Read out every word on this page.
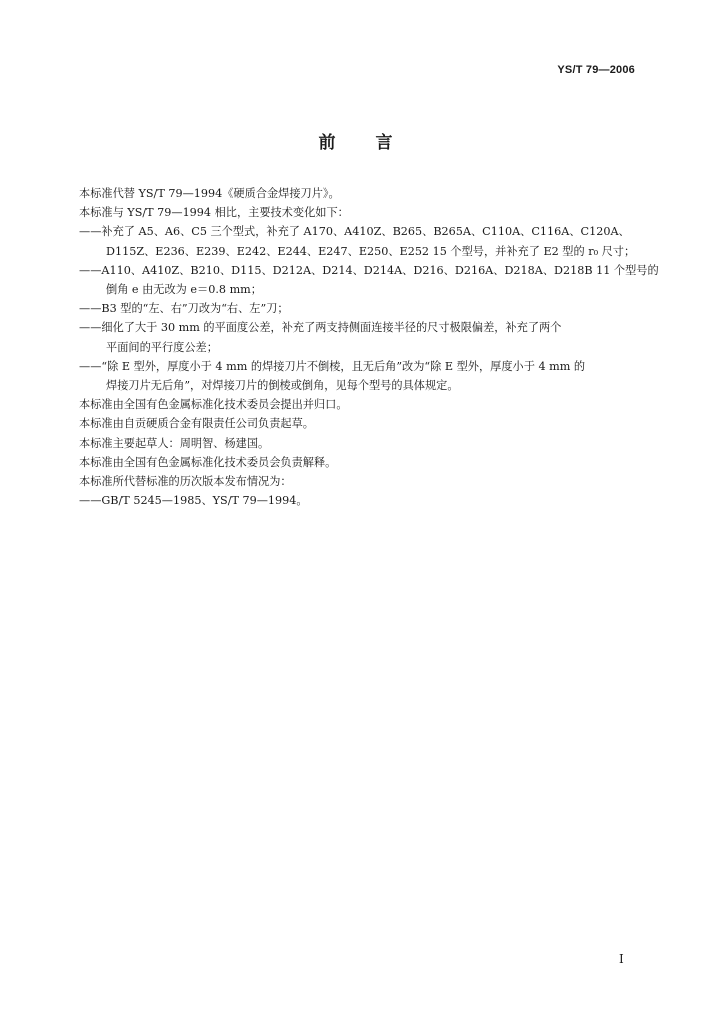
YS/T 79—2006
前 言
本标准代替 YS/T 79—1994《硬质合金焊接刀片》。
本标准与 YS/T 79—1994 相比，主要技术变化如下：
——补充了 A5、A6、C5 三个型式，补充了 A170、A410Z、B265、B265A、C110A、C116A、C120A、
D115Z、E236、E239、E242、E244、E247、E250、E252 15 个型号，并补充了 E2 型的 r₀ 尺寸；
——A110、A410Z、B210、D115、D212A、D214、D214A、D216、D216A、D218A、D218B 11 个型号的
倒角 e 由无改为 e＝0.8 mm；
——B3 型的“左、右”刀改为“右、左”刀；
——细化了大于 30 mm 的平面度公差，补充了两支持侧面连接半径的尺寸极限偏差，补充了两个
平面间的平行度公差；
——“除 E 型外，厚度小于 4 mm 的焊接刀片不倒棱，且无后角”改为“除 E 型外，厚度小于 4 mm 的
焊接刀片无后角”，对焊接刀片的倒棱或倒角，见每个型号的具体规定。
本标准由全国有色金属标准化技术委员会提出并归口。
本标准由自贡硬质合金有限责任公司负责起草。
本标准主要起草人：周明智、杨建国。
本标准由全国有色金属标准化技术委员会负责解释。
本标准所代替标准的历次版本发布情况为：
——GB/T 5245—1985、YS/T 79—1994。
I
